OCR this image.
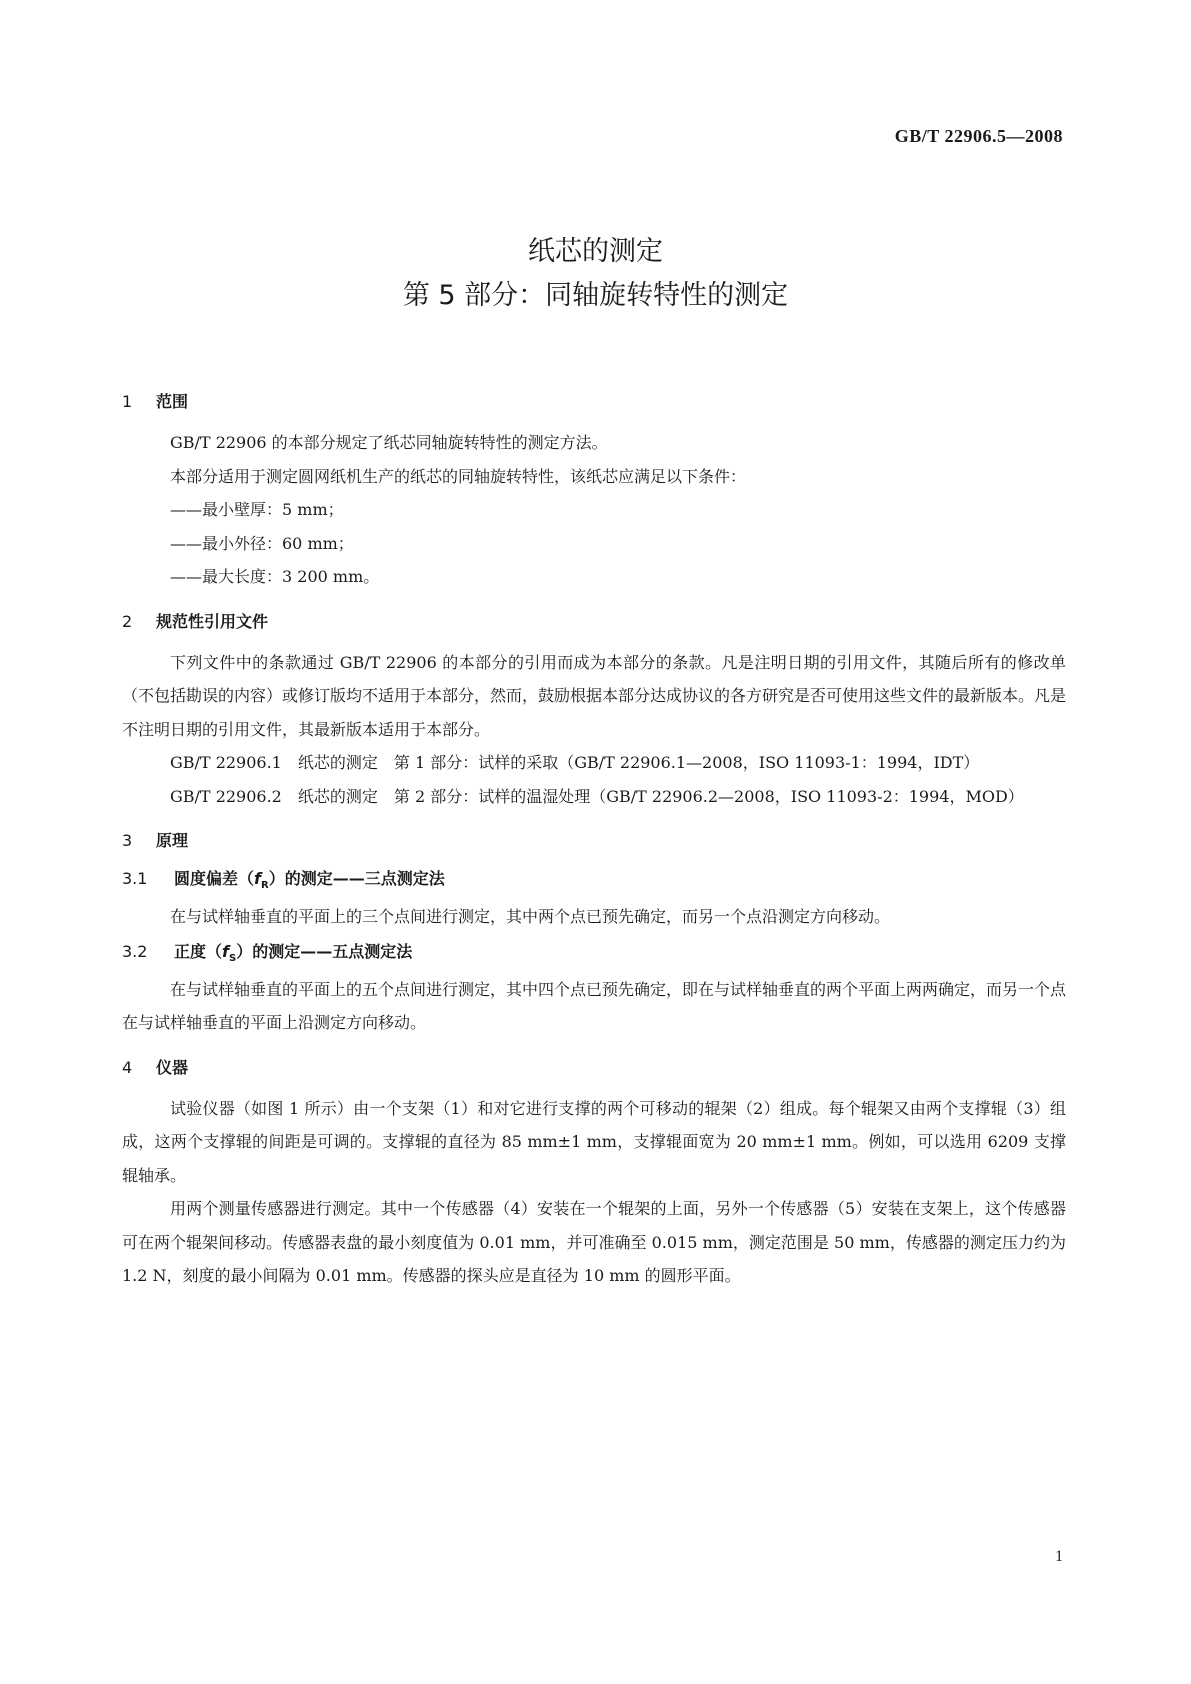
GB/T 22906.5—2008
纸芯的测定
第 5 部分：同轴旋转特性的测定
1 范围

GB/T 22906 的本部分规定了纸芯同轴旋转特性的测定方法。

本部分适用于测定圆网纸机生产的纸芯的同轴旋转特性，该纸芯应满足以下条件：

——最小壁厚：5 mm；

——最小外径：60 mm；

——最大长度：3 200 mm。

2 规范性引用文件

下列文件中的条款通过 GB/T 22906 的本部分的引用而成为本部分的条款。凡是注明日期的引用文件，其随后所有的修改单（不包括勘误的内容）或修订版均不适用于本部分，然而，鼓励根据本部分达成协议的各方研究是否可使用这些文件的最新版本。凡是不注明日期的引用文件，其最新版本适用于本部分。

GB/T 22906.1　纸芯的测定　第 1 部分：试样的采取（GB/T 22906.1—2008，ISO 11093-1：1994，IDT）

GB/T 22906.2　纸芯的测定　第 2 部分：试样的温湿处理（GB/T 22906.2—2008，ISO 11093-2：1994，MOD）

3 原理
3.1 圆度偏差$(f_R)$的测定——三点测定法

在与试样轴垂直的平面上的三个点间进行测定，其中两个点已预先确定，而另一个点沿测定方向移动。

3.2 正度$(f_S)$的测定——五点测定法

在与试样轴垂直的平面上的五个点间进行测定，其中四个点已预先确定，即在与试样轴垂直的两个平面上两两确定，而另一个点在与试样轴垂直的平面上沿测定方向移动。

4 仪器

试验仪器（如图 1 所示）由一个支架（1）和对它进行支撑的两个可移动的辊架（2）组成。每个辊架又由两个支撑辊（3）组成，这两个支撑辊的间距是可调的。支撑辊的直径为 85 mm±1 mm，支撑辊面宽为 20 mm±1 mm。例如，可以选用 6209 支撑辊轴承。

用两个测量传感器进行测定。其中一个传感器（4）安装在一个辊架的上面，另外一个传感器（5）安装在支架上，这个传感器可在两个辊架间移动。传感器表盘的最小刻度值为 0.01 mm，并可准确至 0.015 mm，测定范围是 50 mm，传感器的测定压力约为 1.2 N，刻度的最小间隔为 0.01 mm。传感器的探头应是直径为 10 mm 的圆形平面。

1
